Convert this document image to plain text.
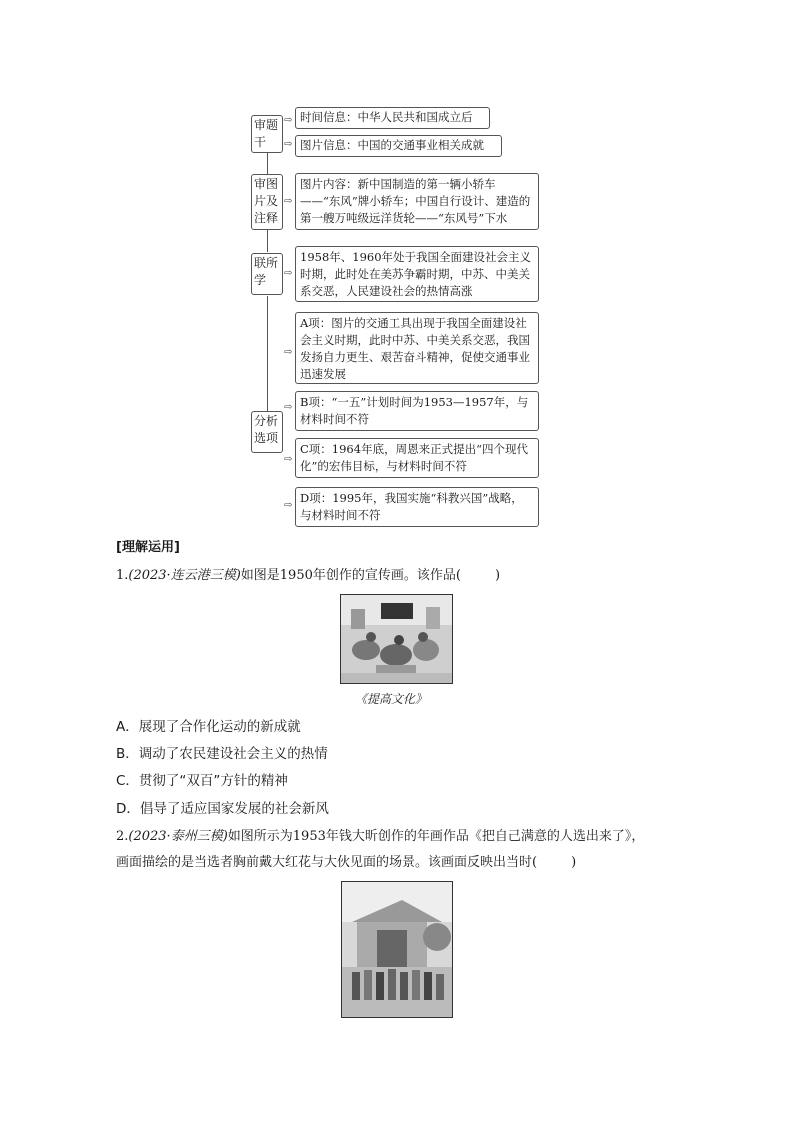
审题干
审图片及注释
联所学
分析选项
⇨
⇨
⇨
⇨
⇨
⇨
⇨
⇨
时间信息：中华人民共和国成立后
图片信息：中国的交通事业相关成就
图片内容：新中国制造的第一辆小轿车——“东风”牌小轿车；中国自行设计、建造的第一艘万吨级远洋货轮——“东风号”下水
1958年、1960年处于我国全面建设社会主义时期，此时处在美苏争霸时期，中苏、中美关系交恶，人民建设社会的热情高涨
A项：图片的交通工具出现于我国全面建设社会主义时期，此时中苏、中美关系交恶，我国发扬自力更生、艰苦奋斗精神，促使交通事业迅速发展
B项：“一五”计划时间为1953—1957年，与材料时间不符
C项：1964年底，周恩来正式提出“四个现代化”的宏伟目标，与材料时间不符
D项：1995年，我国实施“科教兴国”战略，与材料时间不符
[理解运用]
1.(2023·连云港三模)如图是1950年创作的宣传画。该作品(	)
《提高文化》
A．展现了合作化运动的新成就
B．调动了农民建设社会主义的热情
C．贯彻了“双百”方针的精神
D．倡导了适应国家发展的社会新风
2.(2023·泰州三模)如图所示为1953年钱大昕创作的年画作品《把自己满意的人选出来了》，
画面描绘的是当选者胸前戴大红花与大伙见面的场景。该画面反映出当时(	)
